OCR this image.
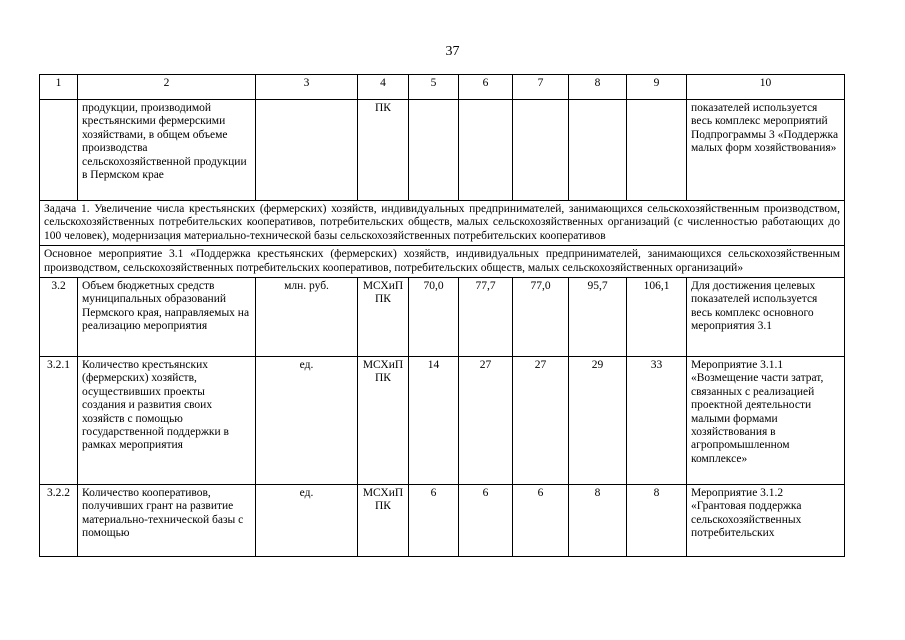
37
1	2	3	4	5	6	7	8	9	10
	продукции, производимой крестьянскими фермерскими хозяйствами, в общем объеме производства сельскохозяйственной продукции в Пермском крае		ПК						показателей используется весь комплекс мероприятий Подпрограммы 3 «Поддержка малых форм хозяйствования»
Задача 1. Увеличение числа крестьянских (фермерских) хозяйств, индивидуальных предпринимателей, занимающихся сельскохозяйственным производством, сельскохозяйственных потребительских кооперативов, потребительских обществ, малых сельскохозяйственных организаций (с численностью работающих до 100 человек), модернизация материально-технической базы сельскохозяйственных потребительских кооперативов									
Основное мероприятие 3.1 «Поддержка крестьянских (фермерских) хозяйств, индивидуальных предпринимателей, занимающихся сельскохозяйственным производством, сельскохозяйственных потребительских кооперативов, потребительских обществ, малых сельскохозяйственных организаций»									
3.2	Объем бюджетных средств муниципальных образований Пермского края, направляемых на реализацию мероприятия	млн. руб.	МСХиП ПК	70,0	77,7	77,0	95,7	106,1	Для достижения целевых показателей используется весь комплекс основного мероприятия 3.1
3.2.1	Количество крестьянских (фермерских) хозяйств, осуществивших проекты создания и развития своих хозяйств с помощью государственной поддержки в рамках мероприятия	ед.	МСХиП ПК	14	27	27	29	33	Мероприятие 3.1.1 «Возмещение части затрат, связанных с реализацией проектной деятельности малыми формами хозяйствования в агропромышленном комплексе»
3.2.2	Количество кооперативов, получивших грант на развитие материально-технической базы с помощью	ед.	МСХиП ПК	6	6	6	8	8	Мероприятие 3.1.2 «Грантовая поддержка сельскохозяйственных потребительских
